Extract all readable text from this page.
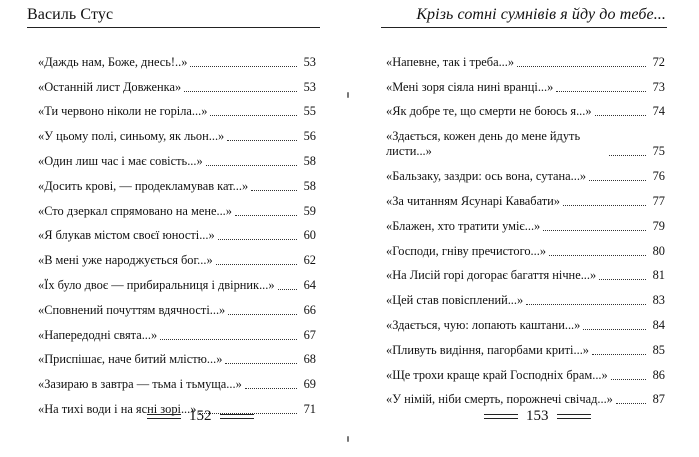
Василь Стус
«Даждь нам, Боже, днесь!..»	53
«Останній лист Довженка»	53
«Ти червоно ніколи не горіла...»	55
«У цьому полі, синьому, як льон...»	56
«Один лиш час і має совість...»	58
«Досить крові, — продекламував кат...»	58
«Сто дзеркал спрямовано на мене...»	59
«Я блукав містом своєї юності...»	60
«В мені уже народжується бог...»	62
«Їх було двоє — прибиральниця і двірник...» 64
«Сповнений почуттям вдячності...»	66
«Напередодні свята...»	67
«Приспішає, наче битий млістю...»	68
«Зазираю в завтра — тьма і тьмуща...»	69
«На тихі води і на ясні зорі...»	71
152
Крізь сотні сумнівів я йду до тебе...
«Напевне, так і треба...»	72
«Мені зоря сіяла нині вранці...»	73
«Як добре те, що смерти не боюсь я...»	74
«Здається, кожен день до мене йдуть листи...»	75
«Бальзаку, заздри: ось вона, сутана...»	76
«За читанням Ясунарі Кавабати»	77
«Блажен, хто тратити уміє...»	79
«Господи, гніву пречистого...»	80
«На Лисій горі догорає багаття нічне...»	81
«Цей став повісплений...»	83
«Здається, чую: лопають каштани...»	84
«Пливуть видіння, пагорбами криті...»	85
«Ще трохи краще край Господніх брам...»	86
«У німій, ніби смерть, порожнечі свічад...»	87
153
